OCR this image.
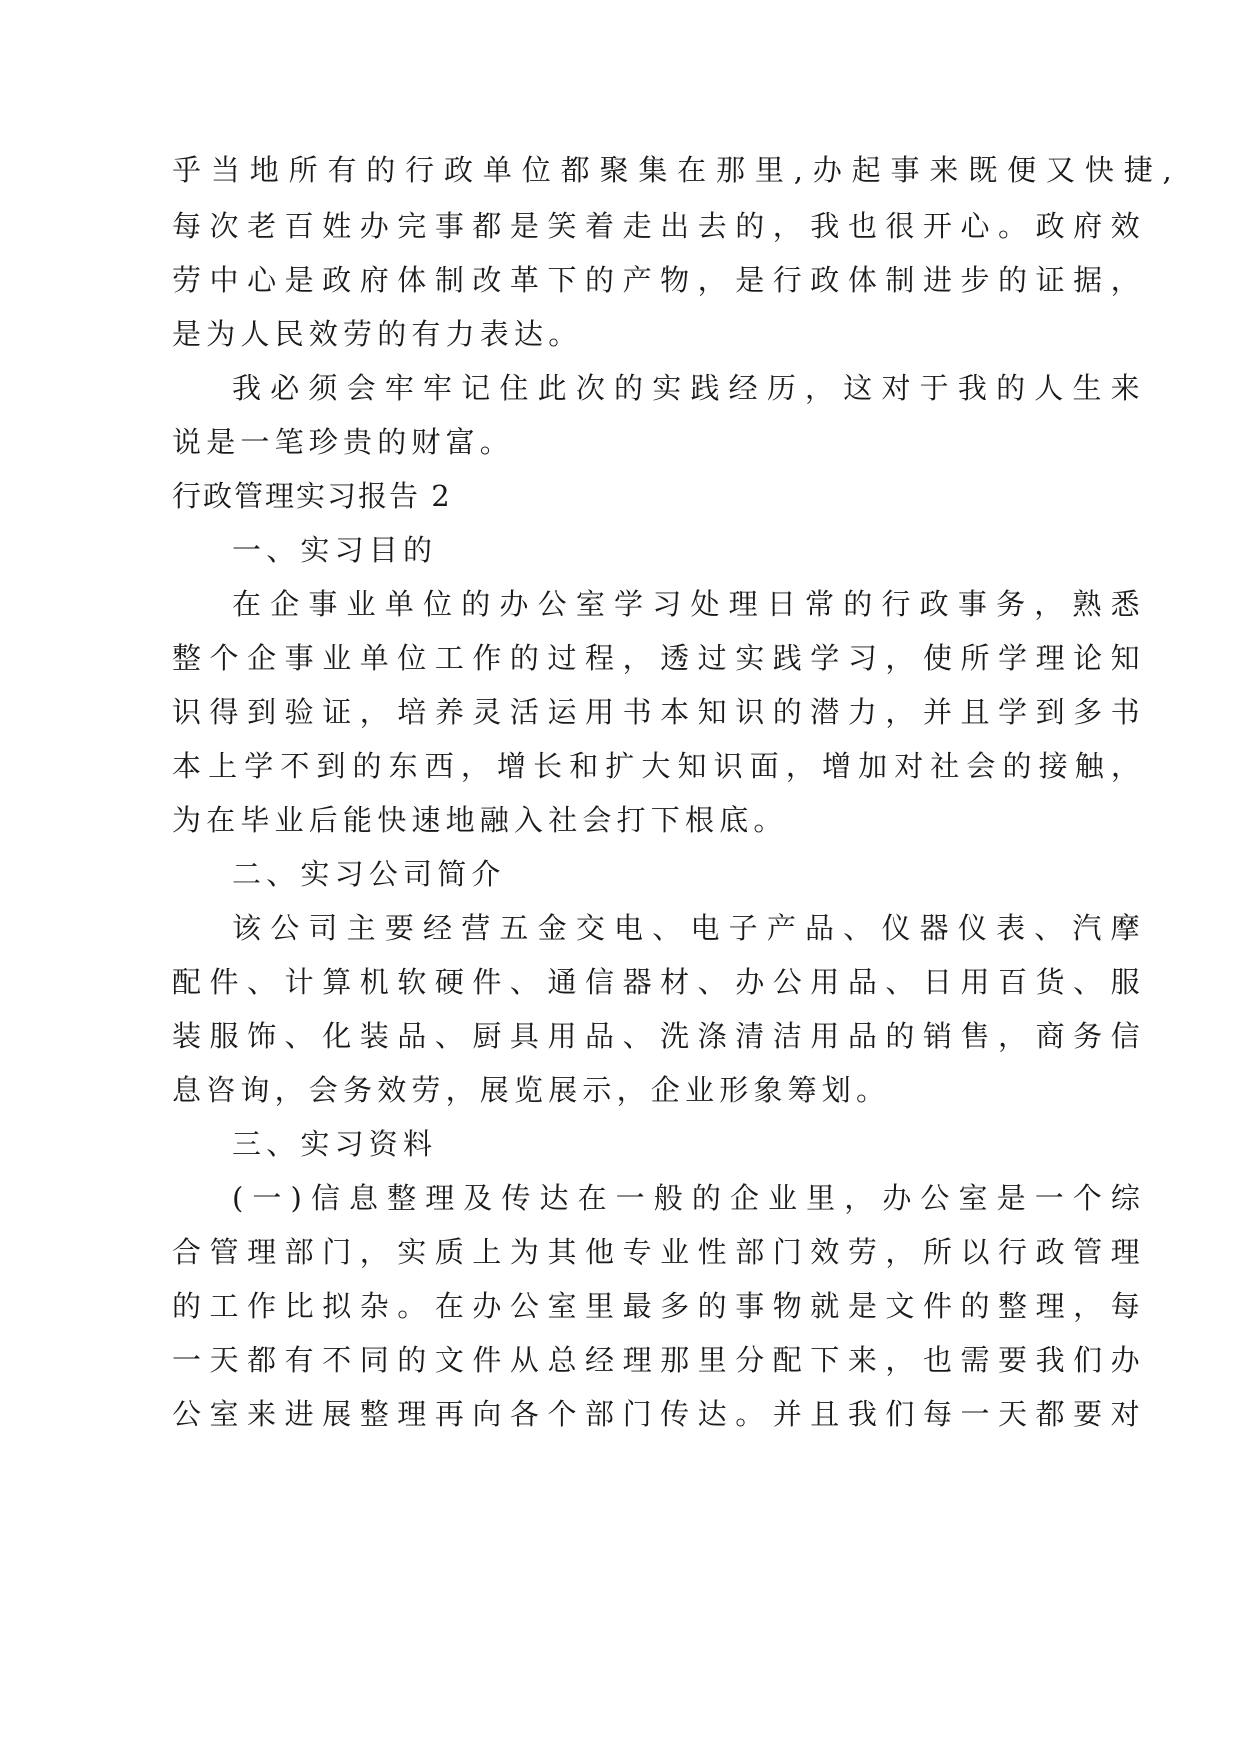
乎 当 地 所 有 的 行 政 单 位 都 聚 集 在 那 里 , 办 起 事 来 既 便 又 快 捷 ,
每 次 老 百 姓 办 完 事 都 是 笑 着 走 出 去 的 ， 我 也 很 开 心 。 政 府 效
劳 中 心 是 政 府 体 制 改 革 下 的 产 物 ， 是 行 政 体 制 进 步 的 证 据 ，
是为人民效劳的有力表达。
我 必 须 会 牢 牢 记 住 此 次 的 实 践 经 历 ， 这 对 于 我 的 人 生 来
说是一笔珍贵的财富。
行政管理实习报告 2
一、实习目的
在 企 事 业 单 位 的 办 公 室 学 习 处 理 日 常 的 行 政 事 务 ， 熟 悉
整 个 企 事 业 单 位 工 作 的 过 程 ， 透 过 实 践 学 习 ， 使 所 学 理 论 知
识 得 到 验 证 ， 培 养 灵 活 运 用 书 本 知 识 的 潜 力 ， 并 且 学 到 多 书
本 上 学 不 到 的 东 西 ， 增 长 和 扩 大 知 识 面 ， 增 加 对 社 会 的 接 触 ，
为在毕业后能快速地融入社会打下根底。
二、实习公司简介
该 公 司 主 要 经 营 五 金 交 电 、 电 子 产 品 、 仪 器 仪 表 、 汽 摩
配 件 、 计 算 机 软 硬 件 、 通 信 器 材 、 办 公 用 品 、 日 用 百 货 、 服
装 服 饰 、 化 装 品 、 厨 具 用 品 、 洗 涤 清 洁 用 品 的 销 售 ， 商 务 信
息咨询，会务效劳，展览展示，企业形象筹划。
三、实习资料
( 一 ) 信 息 整 理 及 传 达 在 一 般 的 企 业 里 ， 办 公 室 是 一 个 综
合 管 理 部 门 ， 实 质 上 为 其 他 专 业 性 部 门 效 劳 ， 所 以 行 政 管 理
的 工 作 比 拟 杂 。 在 办 公 室 里 最 多 的 事 物 就 是 文 件 的 整 理 ， 每
一 天 都 有 不 同 的 文 件 从 总 经 理 那 里 分 配 下 来 ， 也 需 要 我 们 办
公 室 来 进 展 整 理 再 向 各 个 部 门 传 达 。 并 且 我 们 每 一 天 都 要 对
